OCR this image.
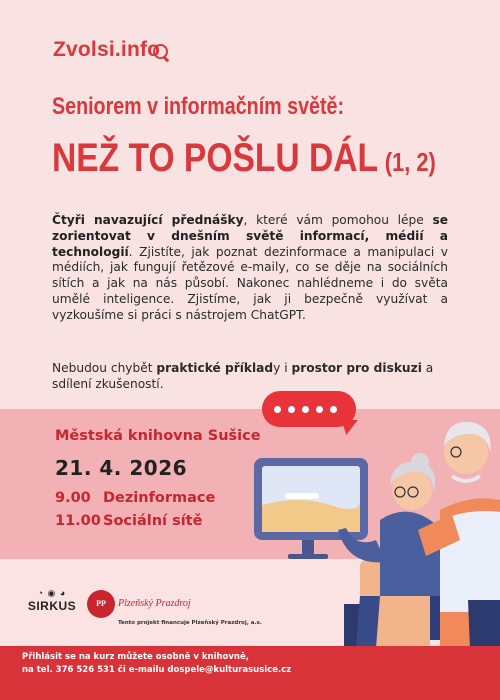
Zvolsi.info
Seniorem v informačním světě:
NEŽ TO POŠLU DÁL (1, 2)

Čtyři navazující přednášky, které vám pomohou lépe se zorientovat v dnešním světě informací, médií a technologií. Zjistíte, jak poznat dezinformace a manipulaci v médiích, jak fungují řetězové e-maily, co se děje na sociálních sítích a jak na nás působí. Nakonec nahlédneme i do světa umělé inteligence. Zjistíme, jak ji bezpečně využívat a vyzkoušíme si práci s nástrojem ChatGPT.

Nebudou chybět praktické příklady i prostor pro diskuzi a sdílení zkušeností.
Městská knihovna Sušice
21. 4. 2026
9.00 Dezinformace
11.00 Sociální sítě
◔ ◉ ◕
SIRKUS	PP	Plzeňský Prazdroj
Tento projekt financuje Plzeňský Prazdroj, a.s.
Přihlásit se na kurz můžete osobně v knihovně,
na tel. 376 526 531 či e-mailu dospele@kulturasusice.cz
